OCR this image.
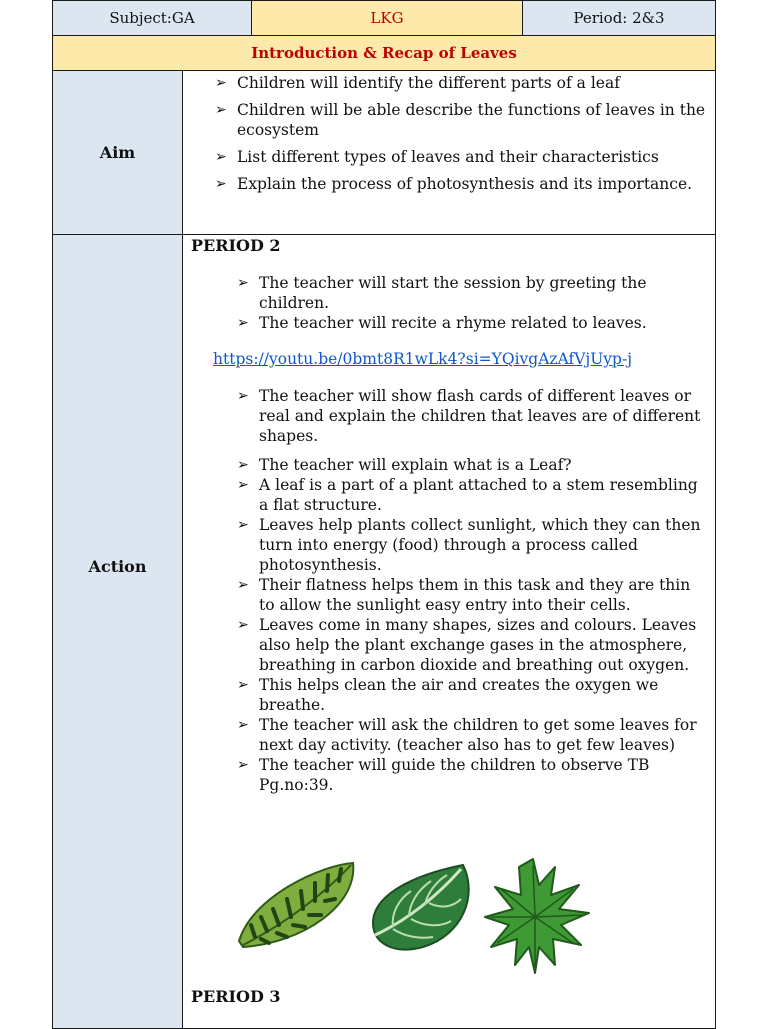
Subject:GA	LKG	Period: 2&3
Introduction & Recap of Leaves
Aim
➢ Children will identify the different parts of a leaf
➢ Children will be able describe the functions of leaves in the ecosystem
➢ List different types of leaves and their characteristics
➢ Explain the process of photosynthesis and its importance.
Action
PERIOD 2
➢ The teacher will start the session by greeting the children.
➢ The teacher will recite a rhyme related to leaves.
https://youtu.be/0bmt8R1wLk4?si=YQivgAzAfVjUyp-j
➢ The teacher will show flash cards of different leaves or real and explain the children that leaves are of different shapes.
➢ The teacher will explain what is a Leaf?
➢ A leaf is a part of a plant attached to a stem resembling a flat structure.
➢ Leaves help plants collect sunlight, which they can then turn into energy (food) through a process called photosynthesis.
➢ Their flatness helps them in this task and they are thin to allow the sunlight easy entry into their cells.
➢ Leaves come in many shapes, sizes and colours. Leaves also help the plant exchange gases in the atmosphere, breathing in carbon dioxide and breathing out oxygen.
➢ This helps clean the air and creates the oxygen we breathe.
➢ The teacher will ask the children to get some leaves for next day activity. (teacher also has to get few leaves)
➢ The teacher will guide the children to observe TB Pg.no:39.
PERIOD 3
